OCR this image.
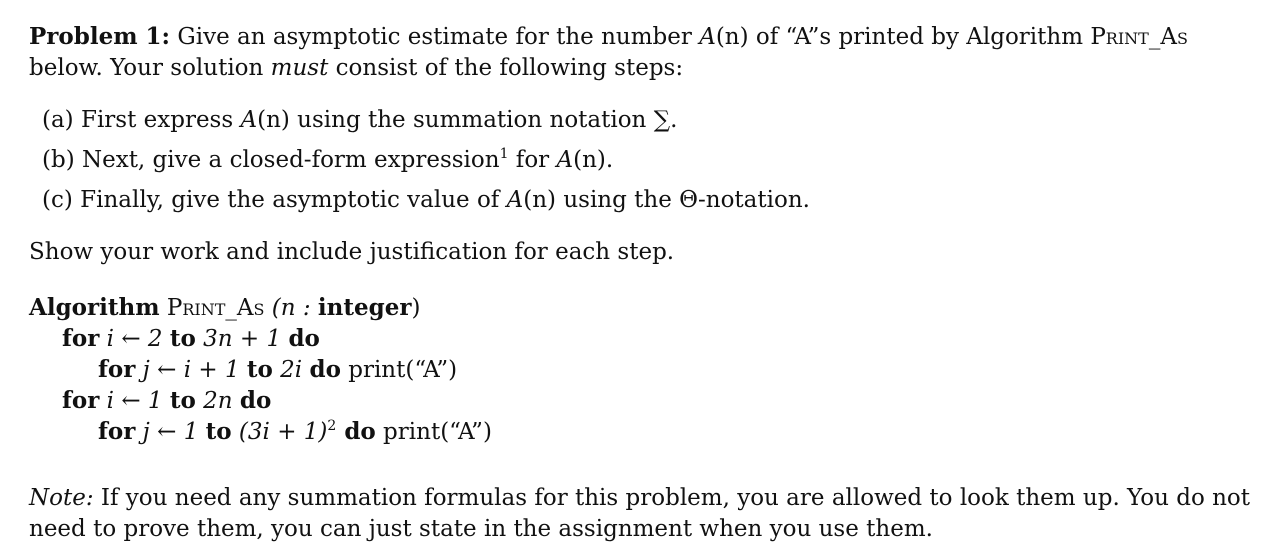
Problem 1: Give an asymptotic estimate for the number A(n) of “A”s printed by Algorithm Print_As
below. Your solution must consist of the following steps:
(a) First express A(n) using the summation notation ∑.
(b) Next, give a closed-form expression$^1$ for A(n).
(c) Finally, give the asymptotic value of A(n) using the Θ-notation.
Show your work and include justification for each step.
Algorithm Print_As (n : integer)
for i ← 2 to 3n + 1 do
for j ← i + 1 to 2i do print(“A”)
for i ← 1 to 2n do
for j ← 1 to $(3i + 1)^2$ do print(“A”)
Note: If you need any summation formulas for this problem, you are allowed to look them up. You do not
need to prove them, you can just state in the assignment when you use them.
